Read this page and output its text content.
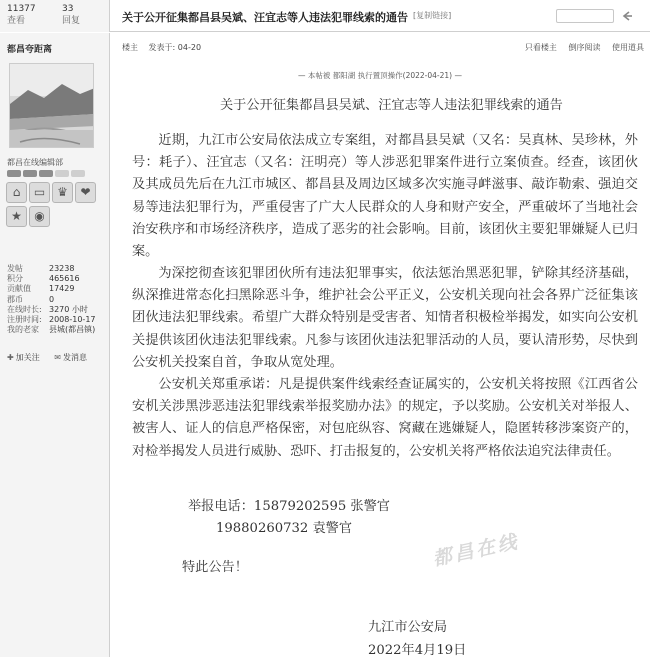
11377
查看
33
回复	关于公开征集都昌县吴斌、汪宜志等人违法犯罪线索的通告 [复制链接]
都昌夸距离
都昌在线编辑部
⌂	▭ ♛	❤
★	◉
发帖	23238
积分	465616
贡献值 17429
郡币	0
在线时长: 3270 小时
注册时间: 2008-10-17
我的老家 县城(都昌镇)
✚ 加关注 ✉ 发消息
楼主 发表于: 04-20	只看楼主 倒序阅读 使用道具
— 本帖被 都阳湖 执行置顶操作(2022-04-21) —
关于公开征集都昌县吴斌、汪宜志等人违法犯罪线索的通告
近期，九江市公安局依法成立专案组，对都昌县吴斌（又名：吴真林、吴珍林，外号：耗子）、汪宜志（又名：汪明亮）等人涉恶犯罪案件进行立案侦查。经查，该团伙及其成员先后在九江市城区、都昌县及周边区域多次实施寻衅滋事、敲诈勒索、强迫交易等违法犯罪行为，严重侵害了广大人民群众的人身和财产安全，严重破坏了当地社会治安秩序和市场经济秩序，造成了恶劣的社会影响。目前，该团伙主要犯罪嫌疑人已归案。
为深挖彻查该犯罪团伙所有违法犯罪事实，依法惩治黑恶犯罪，铲除其经济基础，纵深推进常态化扫黑除恶斗争，维护社会公平正义，公安机关现向社会各界广泛征集该团伙违法犯罪线索。希望广大群众特别是受害者、知情者积极检举揭发，如实向公安机关提供该团伙违法犯罪线索。凡参与该团伙违法犯罪活动的人员，要认清形势，尽快到公安机关投案自首，争取从宽处理。
公安机关郑重承诺：凡是提供案件线索经查证属实的，公安机关将按照《江西省公安机关涉黑涉恶违法犯罪线索举报奖励办法》的规定，予以奖励。公安机关对举报人、被害人、证人的信息严格保密，对包庇纵容、窝藏在逃嫌疑人，隐匿转移涉案资产的，对检举揭发人员进行威胁、恐吓、打击报复的，公安机关将严格依法追究法律责任。
举报电话：15879202595 张警官
19880260732 袁警官
特此公告！
九江市公安局
2022年4月19日
都昌在线
